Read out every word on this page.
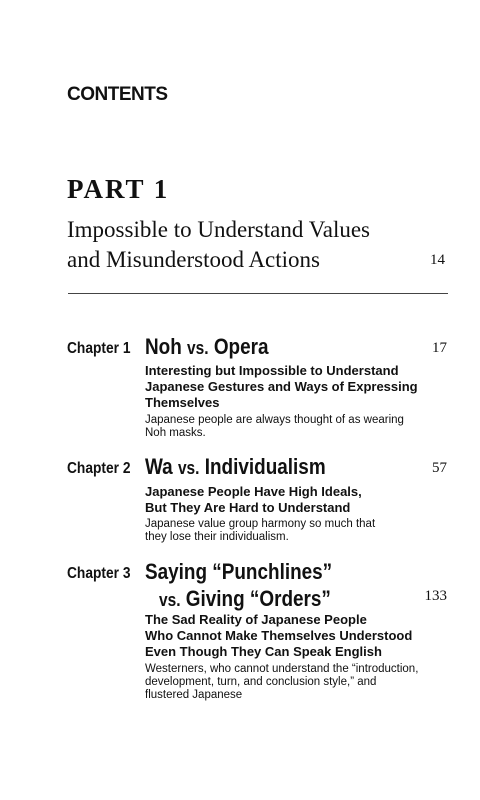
CONTENTS
PART 1
Impossible to Understand Values
and Misunderstood Actions	14
Chapter 1 Noh vs. Opera	17
Interesting but Impossible to Understand
Japanese Gestures and Ways of Expressing
Themselves
Japanese people are always thought of as wearing
Noh masks.
Chapter 2 Wa vs. Individualism	57
Japanese People Have High Ideals,
But They Are Hard to Understand
Japanese value group harmony so much that
they lose their individualism.
Chapter 3 Saying “Punchlines”
vs. Giving “Orders”	133
The Sad Reality of Japanese People
Who Cannot Make Themselves Understood
Even Though They Can Speak English
Westerners, who cannot understand the “introduction,
development, turn, and conclusion style,” and
flustered Japanese
